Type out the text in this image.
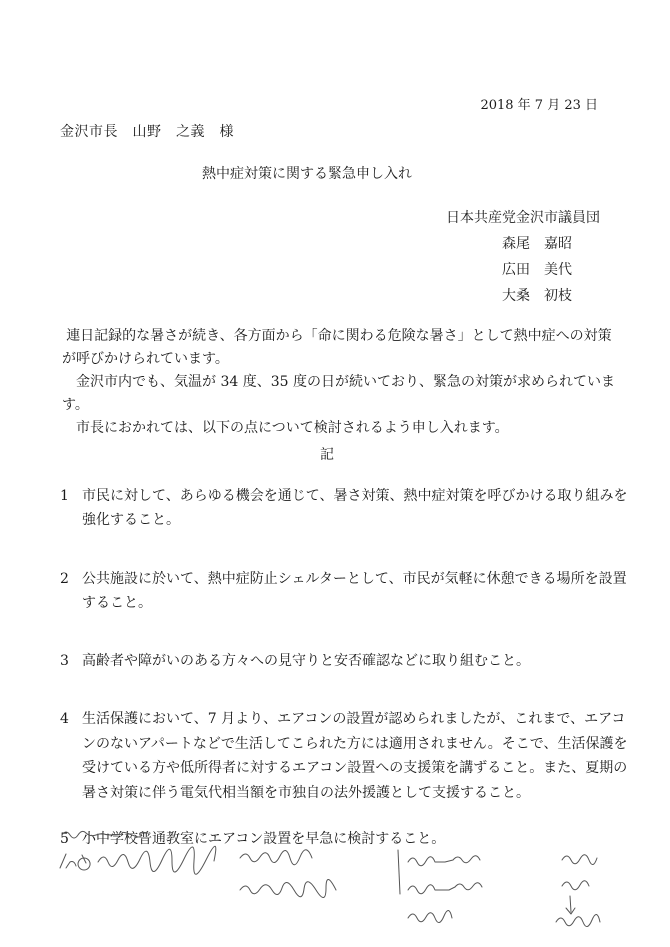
2018 年 7 月 23 日
金沢市長　山野　之義　様
熱中症対策に関する緊急申し入れ
日本共産党金沢市議員団
森尾　嘉昭
広田　美代
大桑　初枝

連日記録的な暑さが続き、各方面から「命に関わる危険な暑さ」として熱中症への対策が呼びかけられています。

金沢市内でも、気温が 34 度、35 度の日が続いており、緊急の対策が求められています。

市長におかれては、以下の点について検討されるよう申し入れます。

記
1 市民に対して、あらゆる機会を通じて、暑さ対策、熱中症対策を呼びかける取り組みを強化すること。
2 公共施設に於いて、熱中症防止シェルターとして、市民が気軽に休憩できる場所を設置すること。
3 高齢者や障がいのある方々への見守りと安否確認などに取り組むこと。
4 生活保護において、7 月より、エアコンの設置が認められましたが、これまで、エアコンのないアパートなどで生活してこられた方には適用されません。そこで、生活保護を受けている方や低所得者に対するエアコン設置への支援策を講ずること。また、夏期の暑さ対策に伴う電気代相当額を市独自の法外援護として支援すること。
5 小中学校普通教室にエアコン設置を早急に検討すること。
